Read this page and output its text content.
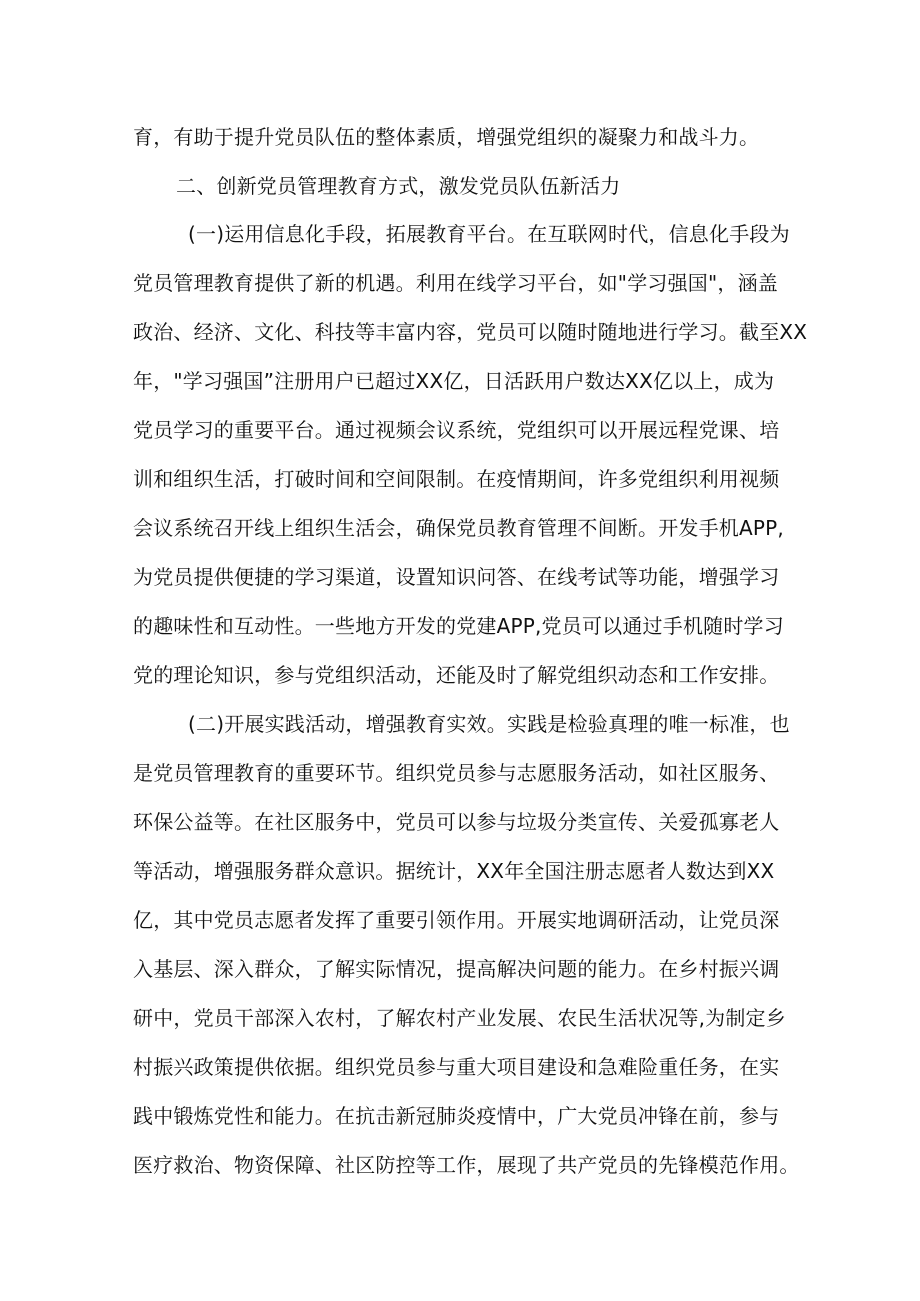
育，有助于提升党员队伍的整体素质，增强党组织的凝聚力和战斗力。
二、创新党员管理教育方式，激发党员队伍新活力
(一)运用信息化手段，拓展教育平台。在互联网时代，信息化手段为
党员管理教育提供了新的机遇。利用在线学习平台，如"学习强国"，涵盖
政治、经济、文化、科技等丰富内容，党员可以随时随地进行学习。截至XX
年，"学习强国”注册用户已超过XX亿，日活跃用户数达XX亿以上，成为
党员学习的重要平台。通过视频会议系统，党组织可以开展远程党课、培
训和组织生活，打破时间和空间限制。在疫情期间，许多党组织利用视频
会议系统召开线上组织生活会，确保党员教育管理不间断。开发手机APP,
为党员提供便捷的学习渠道，设置知识问答、在线考试等功能，增强学习
的趣味性和互动性。一些地方开发的党建APP,党员可以通过手机随时学习
党的理论知识，参与党组织活动，还能及时了解党组织动态和工作安排。
(二)开展实践活动，增强教育实效。实践是检验真理的唯一标准，也
是党员管理教育的重要环节。组织党员参与志愿服务活动，如社区服务、
环保公益等。在社区服务中，党员可以参与垃圾分类宣传、关爱孤寡老人
等活动，增强服务群众意识。据统计，XX年全国注册志愿者人数达到XX
亿，其中党员志愿者发挥了重要引领作用。开展实地调研活动，让党员深
入基层、深入群众，了解实际情况，提高解决问题的能力。在乡村振兴调
研中，党员干部深入农村，了解农村产业发展、农民生活状况等,为制定乡
村振兴政策提供依据。组织党员参与重大项目建设和急难险重任务，在实
践中锻炼党性和能力。在抗击新冠肺炎疫情中，广大党员冲锋在前，参与
医疗救治、物资保障、社区防控等工作，展现了共产党员的先锋模范作用。
